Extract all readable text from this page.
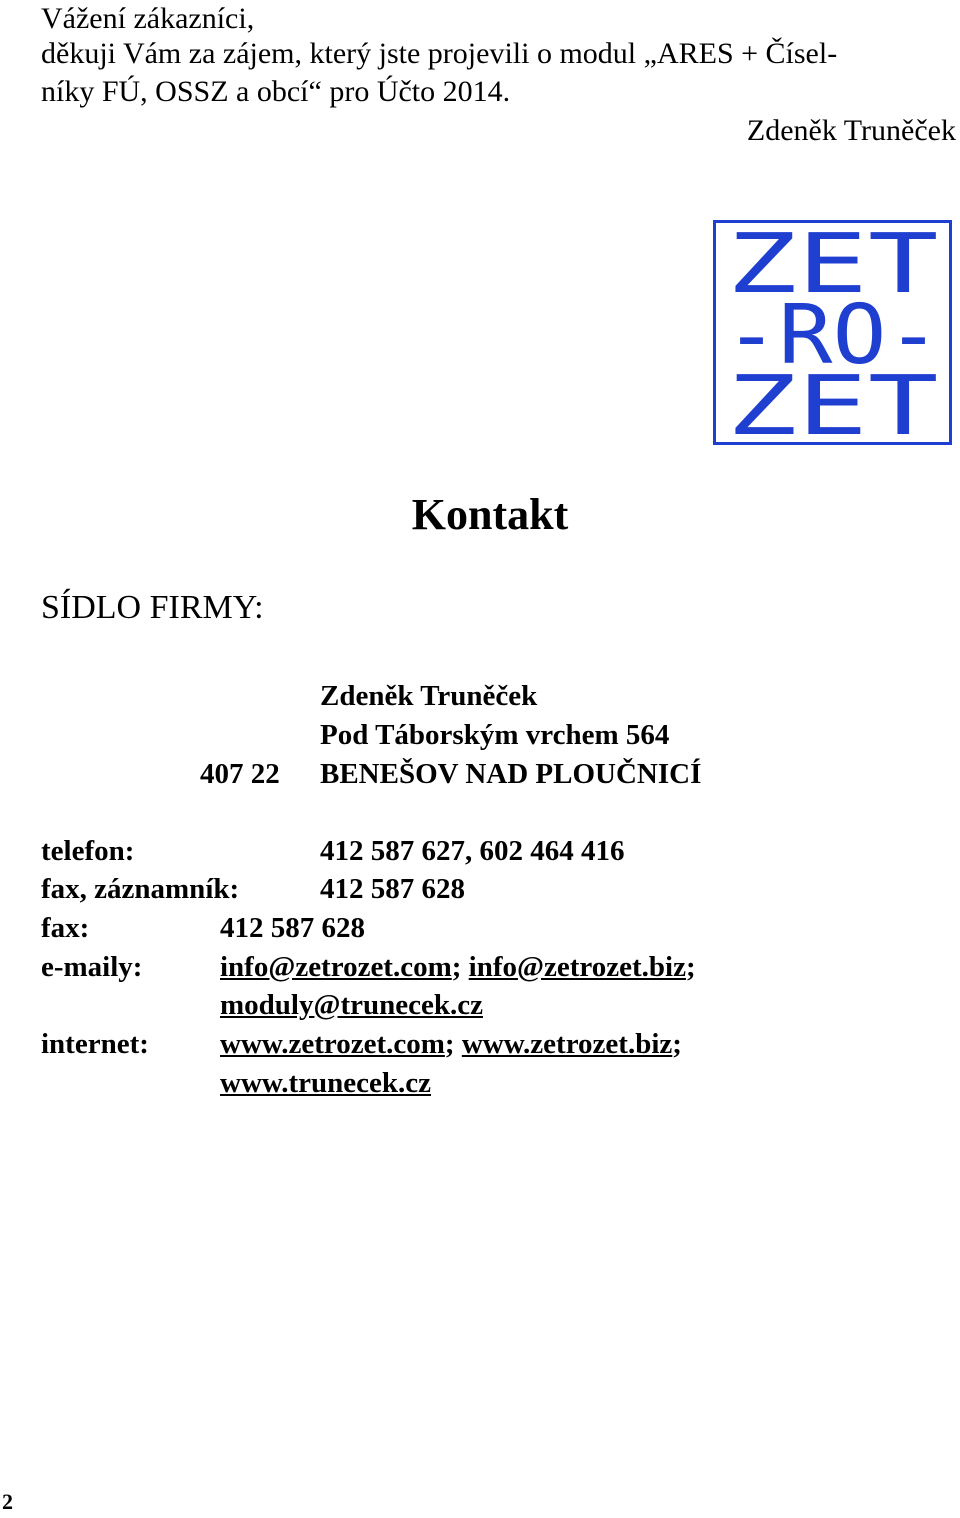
Vážení zákazníci,
děkuji Vám za zájem, který jste projevili o modul „ARES + Čísel-
níky FÚ, OSSZ a obcí“ pro Účto 2014.
Zdeněk Truněček
ZET
-RO-
ZET
Kontakt
SÍDLO FIRMY:
Zdeněk Truněček
Pod Táborským vrchem 564
407 22 BENEŠOV NAD PLOUČNICÍ
telefon:	412 587 627, 602 464 416
fax, záznamník:	412 587 628
fax:	412 587 628
e-maily:	info@zetrozet.com; info@zetrozet.biz;
moduly@trunecek.cz
internet: www.zetrozet.com; www.zetrozet.biz;
www.trunecek.cz
2
